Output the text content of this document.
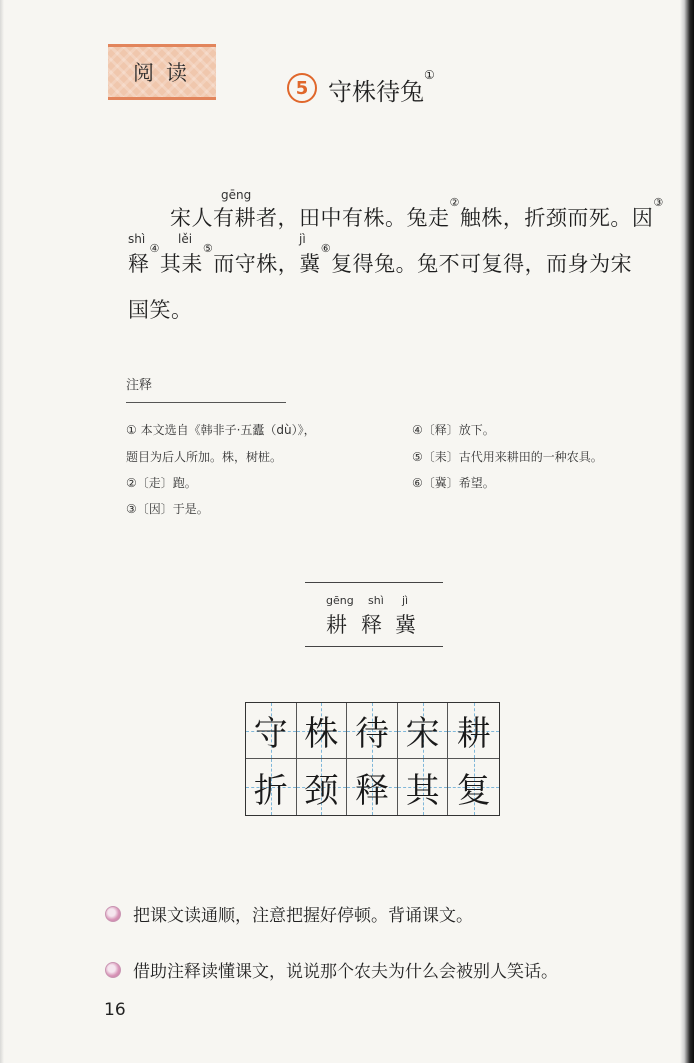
阅读
5 守株待兔①
gēng
shì	lěi	jì
宋人有耕者，田中有株。兔走②触株，折颈而死。因③
释④其耒⑤而守株，冀⑥复得兔。兔不可复得，而身为宋
国笑。
注释
① 本文选自《韩非子·五蠹（dù）》，
题目为后人所加。株，树桩。
②〔走〕跑。
③〔因〕于是。
④〔释〕放下。
⑤〔耒〕古代用来耕田的一种农具。
⑥〔冀〕希望。
gēng shì jì
耕 释 冀
守 株 待 宋 耕
折 颈 释 其 复
把课文读通顺，注意把握好停顿。背诵课文。
借助注释读懂课文，说说那个农夫为什么会被别人笑话。
16
